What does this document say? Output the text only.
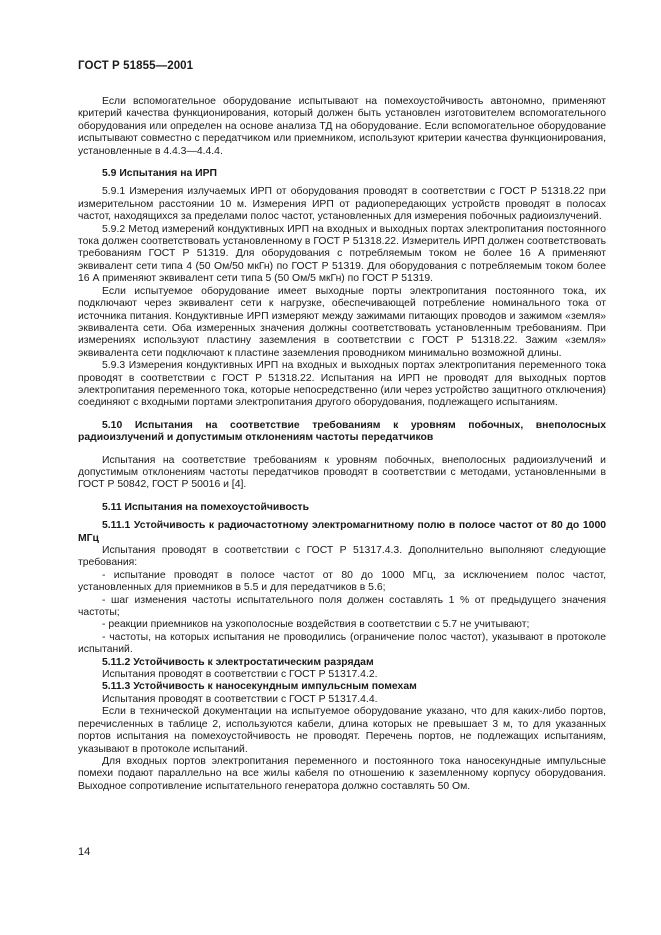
ГОСТ Р 51855—2001

Если вспомогательное оборудование испытывают на помехоустойчивость автономно, применяют критерий качества функционирования, который должен быть установлен изготовителем вспомогательного оборудования или определен на основе анализа ТД на оборудование. Если вспомогательное оборудование испытывают совместно с передатчиком или приемником, используют критерии качества функционирования, установленные в 4.4.3—4.4.4.

5.9 Испытания на ИРП

5.9.1 Измерения излучаемых ИРП от оборудования проводят в соответствии с ГОСТ Р 51318.22 при измерительном расстоянии 10 м. Измерения ИРП от радиопередающих устройств проводят в полосах частот, находящихся за пределами полос частот, установленных для измерения побочных радиоизлучений.

5.9.2 Метод измерений кондуктивных ИРП на входных и выходных портах электропитания постоянного тока должен соответствовать установленному в ГОСТ Р 51318.22. Измеритель ИРП должен соответствовать требованиям ГОСТ Р 51319. Для оборудования с потребляемым током не более 16 А применяют эквивалент сети типа 4 (50 Ом/50 мкГн) по ГОСТ Р 51319. Для оборудования с потребляемым током более 16 А применяют эквивалент сети типа 5 (50 Ом/5 мкГн) по ГОСТ Р 51319.

Если испытуемое оборудование имеет выходные порты электропитания постоянного тока, их подключают через эквивалент сети к нагрузке, обеспечивающей потребление номинального тока от источника питания. Кондуктивные ИРП измеряют между зажимами питающих проводов и зажимом «земля» эквивалента сети. Оба измеренных значения должны соответствовать установленным требованиям. При измерениях используют пластину заземления в соответствии с ГОСТ Р 51318.22. Зажим «земля» эквивалента сети подключают к пластине заземления проводником минимально возможной длины.

5.9.3 Измерения кондуктивных ИРП на входных и выходных портах электропитания переменного тока проводят в соответствии с ГОСТ Р 51318.22. Испытания на ИРП не проводят для выходных портов электропитания переменного тока, которые непосредственно (или через устройство защитного отключения) соединяют с входными портами электропитания другого оборудования, подлежащего испытаниям.

5.10 Испытания на соответствие требованиям к уровням побочных, внеполосных радиоизлучений и допустимым отклонениям частоты передатчиков

Испытания на соответствие требованиям к уровням побочных, внеполосных радиоизлучений и допустимым отклонениям частоты передатчиков проводят в соответствии с методами, установленными в ГОСТ Р 50842, ГОСТ Р 50016 и [4].

5.11 Испытания на помехоустойчивость

5.11.1 Устойчивость к радиочастотному электромагнитному полю в полосе частот от 80 до 1000 МГц

Испытания проводят в соответствии с ГОСТ Р 51317.4.3. Дополнительно выполняют следующие требования:

- испытание проводят в полосе частот от 80 до 1000 МГц, за исключением полос частот, установленных для приемников в 5.5 и для передатчиков в 5.6;

- шаг изменения частоты испытательного поля должен составлять 1 % от предыдущего значения частоты;

- реакции приемников на узкополосные воздействия в соответствии с 5.7 не учитывают;

- частоты, на которых испытания не проводились (ограничение полос частот), указывают в протоколе испытаний.

5.11.2 Устойчивость к электростатическим разрядам

Испытания проводят в соответствии с ГОСТ Р 51317.4.2.

5.11.3 Устойчивость к наносекундным импульсным помехам

Испытания проводят в соответствии с ГОСТ Р 51317.4.4.

Если в технической документации на испытуемое оборудование указано, что для каких-либо портов, перечисленных в таблице 2, используются кабели, длина которых не превышает 3 м, то для указанных портов испытания на помехоустойчивость не проводят. Перечень портов, не подлежащих испытаниям, указывают в протоколе испытаний.

Для входных портов электропитания переменного и постоянного тока наносекундные импульсные помехи подают параллельно на все жилы кабеля по отношению к заземленному корпусу оборудования. Выходное сопротивление испытательного генератора должно составлять 50 Ом.

14
